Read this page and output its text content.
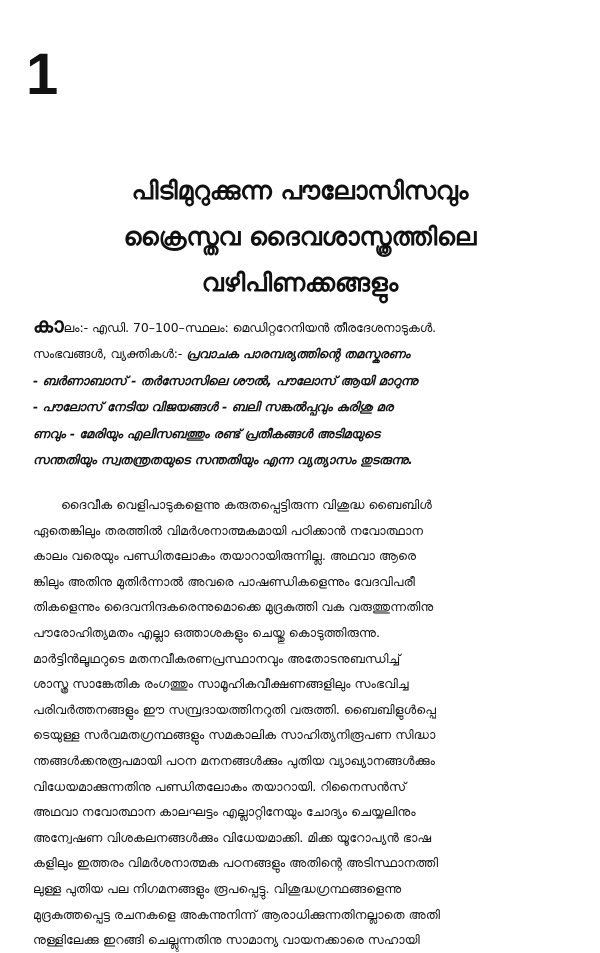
1
പിടിമുറുക്കുന്ന പൗലോസിസവും
ക്രൈസ്തവ ദൈവശാസ്ത്രത്തിലെ
വഴിപിണക്കങ്ങളും

കാലം:- എഡി. 70–100–സ്ഥലം: മെഡിറ്ററേനിയൻ തീരദേശനാടുകൾ.
സംഭവങ്ങൾ, വ്യക്തികൾ:- പ്രവാചക പാരമ്പര്യത്തിന്റെ തമസ്കരണം
- ബർണാബാസ് - തർസോസിലെ ശൗൽ, പൗലോസ് ആയി മാറുന്നു
- പൗലോസ് നേടിയ വിജയങ്ങൾ - ബലി സങ്കൽപ്പവും കുരിശു മര
ണവും - മേരിയും എലിസബത്തും രണ്ട് പ്രതീകങ്ങൾ അടിമയുടെ
സന്തതിയും സ്വതന്ത്രതയുടെ സന്തതിയും എന്ന വ്യത്യാസം തുടരുന്നു.

ദൈവീക വെളിപാടുകളെന്നു കരുതപ്പെട്ടിരുന്ന വിശുദ്ധ ബൈബിൾ
ഏതെങ്കിലും തരത്തിൽ വിമർശനാത്മകമായി പഠിക്കാൻ നവോത്ഥാന
കാലം വരെയും പണ്ഡിതലോകം തയാറായിരുന്നില്ല. അഥവാ ആരെ
ങ്കിലും അതിനു മുതിർന്നാൽ അവരെ പാഷണ്ഡികളെന്നും വേദവിപരീ
തികളെന്നും ദൈവനിന്ദകരെന്നുമൊക്കെ മുദ്രകുത്തി വക വരുത്തുന്നതിനു
പൗരോഹിത്യമതം എല്ലാ ഒത്താശകളും ചെയ്തു കൊടുത്തിരുന്നു.
മാർട്ടിൻലൂഥറുടെ മതനവീകരണപ്രസ്ഥാനവും അതോടനുബന്ധിച്ച്
ശാസ്ത്ര സാങ്കേതിക രംഗത്തും സാമൂഹികവീക്ഷണങ്ങളിലും സംഭവിച്ച
പരിവർത്തനങ്ങളും ഈ സമ്പ്രദായത്തിനറുതി വരുത്തി. ബൈബിളുൾപ്പെ
ടെയുള്ള സർവമതഗ്രന്ഥങ്ങളും സമകാലിക സാഹിത്യനിരൂപണ സിദ്ധാ
ന്തങ്ങൾക്കനുരൂപമായി പഠന മനനങ്ങൾക്കും പുതിയ വ്യാഖ്യാനങ്ങൾക്കും
വിധേയമാക്കുന്നതിനു പണ്ഡിതലോകം തയാറായി. റിനൈസൻസ്
അഥവാ നവോത്ഥാന കാലഘട്ടം എല്ലാറ്റിനേയും ചോദ്യം ചെയ്യലിനും
അന്വേഷണ വിശകലനങ്ങൾക്കും വിധേയമാക്കി. മിക്ക യൂറോപ്യൻ ഭാഷ
കളിലും ഇത്തരം വിമർശനാത്മക പഠനങ്ങളും അതിന്റെ അടിസ്ഥാനത്തി
ലുള്ള പുതിയ പല നിഗമനങ്ങളും രൂപപ്പെട്ടു. വിശുദ്ധഗ്രന്ഥങ്ങളെന്നു
മുദ്രകുത്തപ്പെട്ട രചനകളെ അകന്നുനിന്ന് ആരാധിക്കുന്നതിനല്ലാതെ അതി
നുള്ളിലേക്കു ഇറങ്ങി ചെല്ലുന്നതിനു സാമാന്യ വായനക്കാരെ സഹായി
